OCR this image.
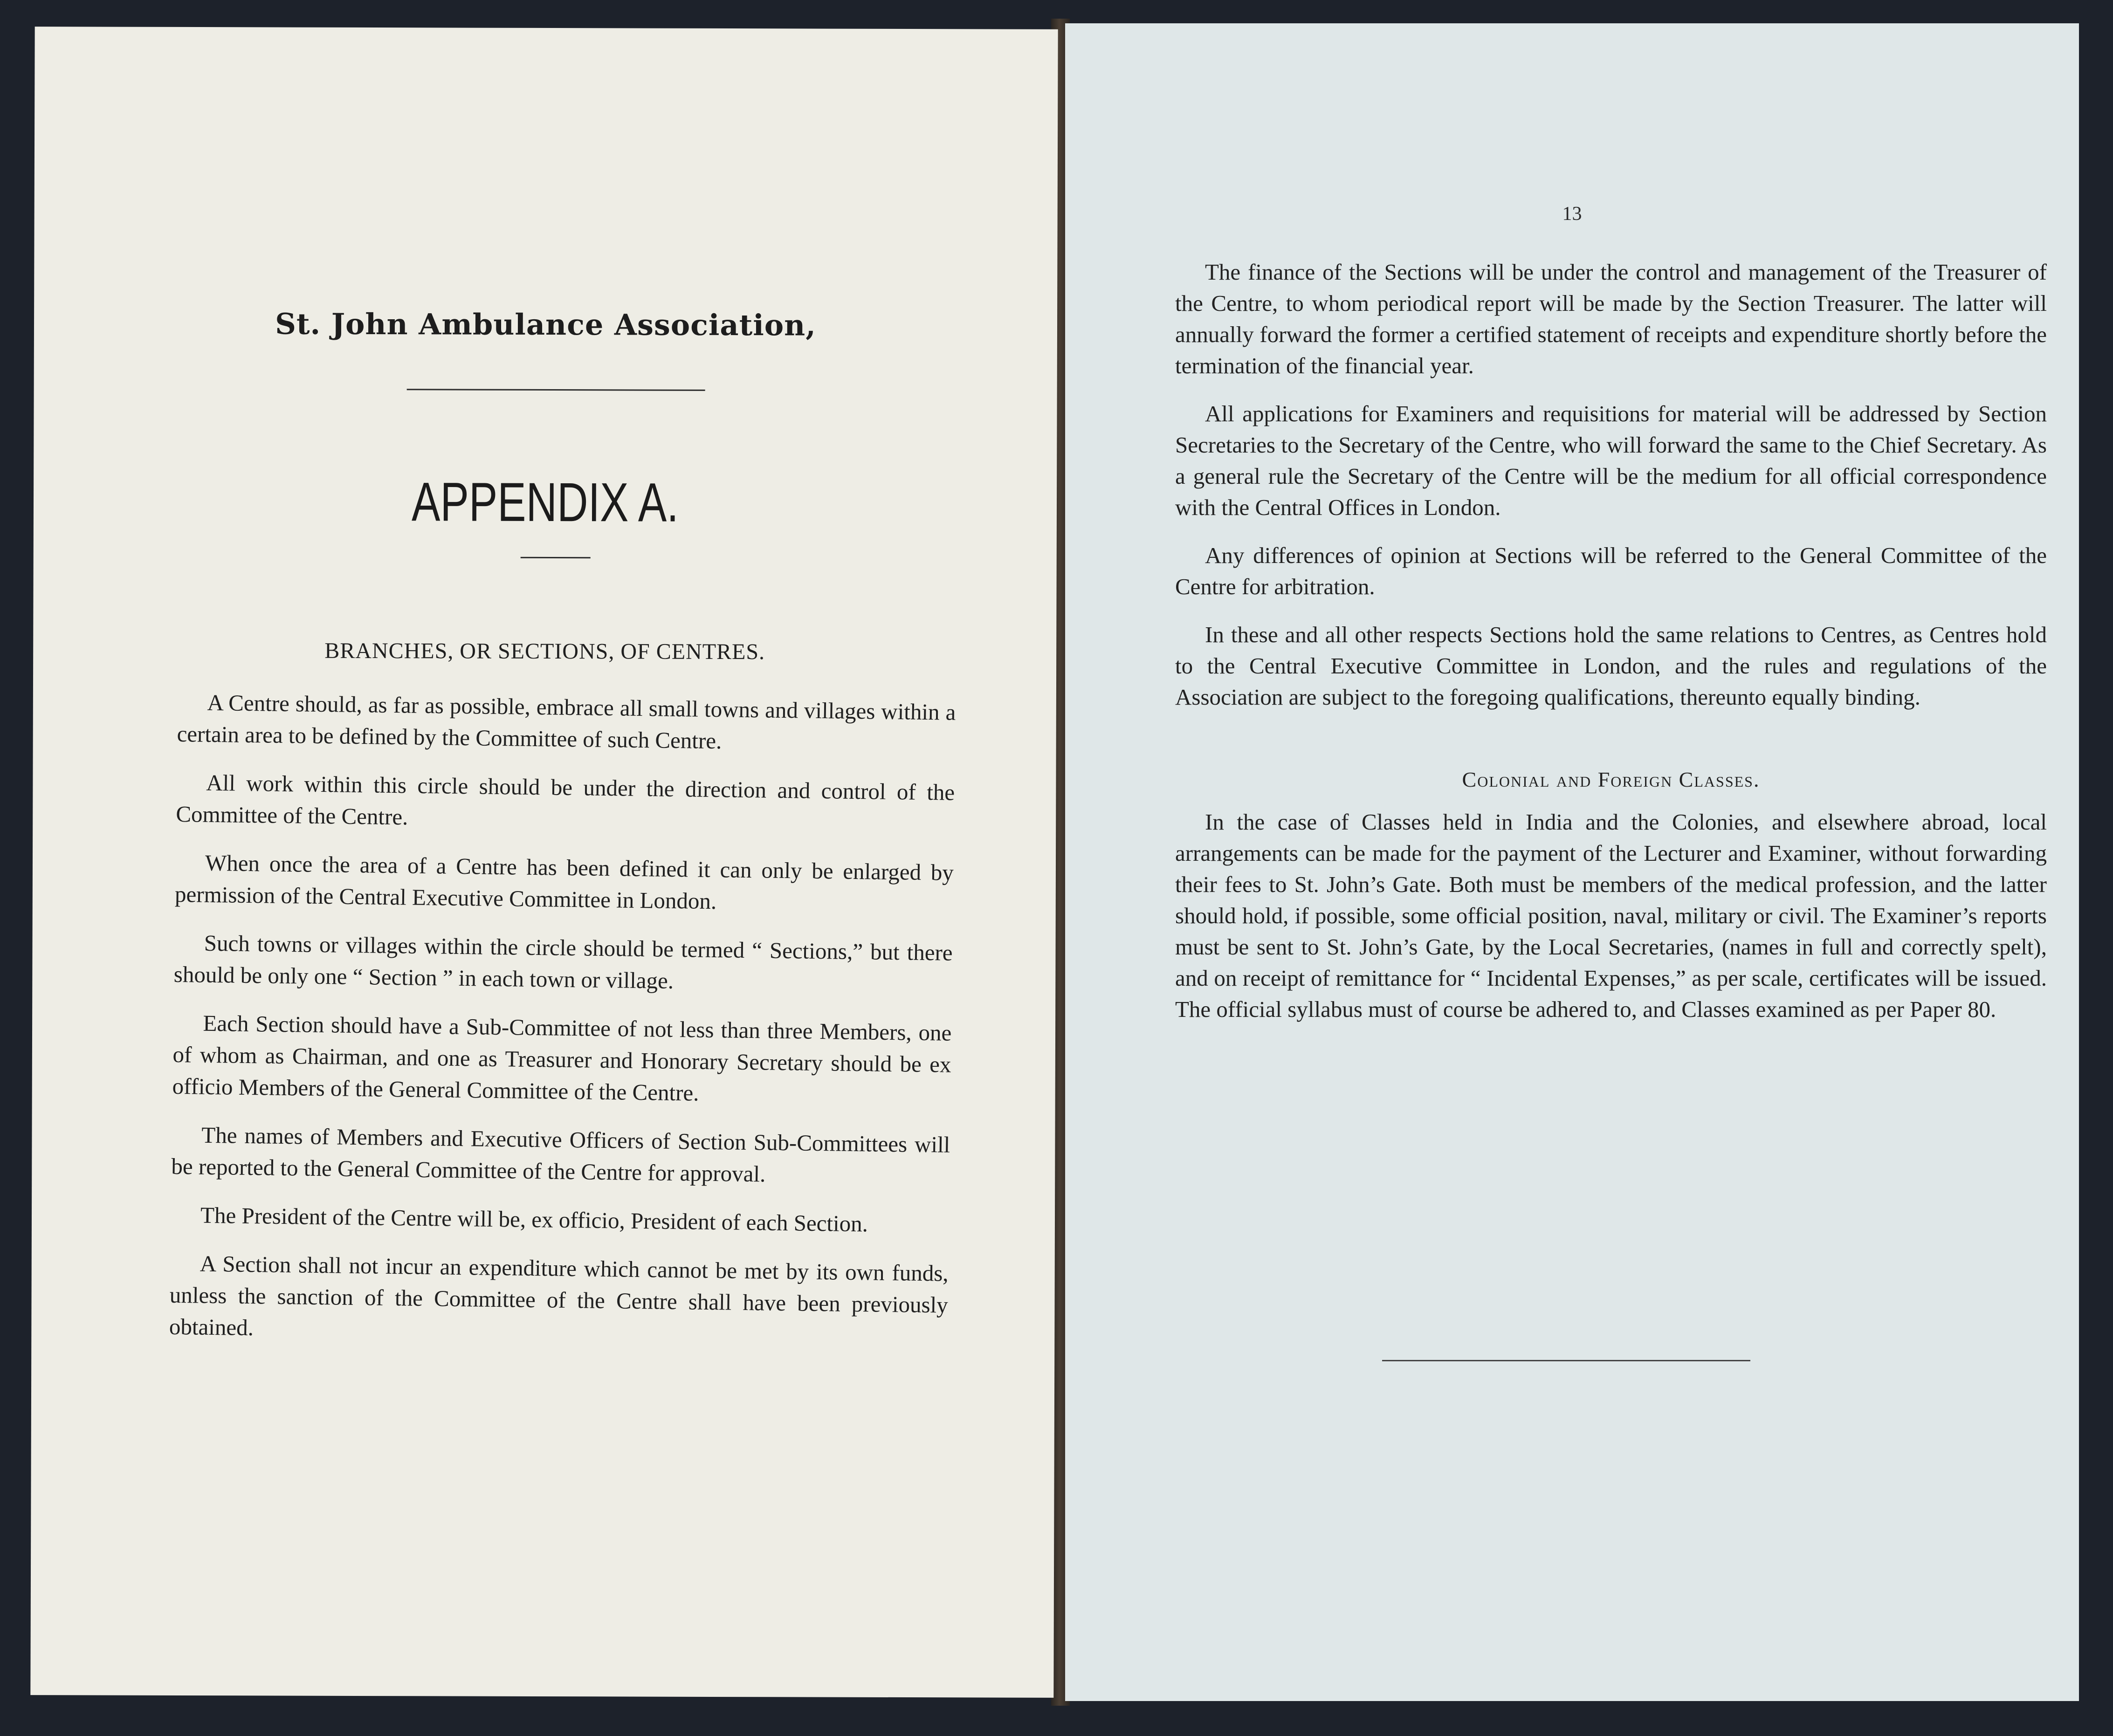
St. John Ambulance Association,
APPENDIX A.
BRANCHES, OR SECTIONS, OF CENTRES.

A Centre should, as far as possible, embrace all small towns and villages within a certain area to be defined by the Committee of such Centre.

All work within this circle should be under the direction and control of the Committee of the Centre.

When once the area of a Centre has been defined it can only be enlarged by permission of the Central Executive Committee in London.

Such towns or villages within the circle should be termed “ Sections,” but there should be only one “ Section ” in each town or village.

Each Section should have a Sub-Committee of not less than three Members, one of whom as Chairman, and one as Treasurer and Honorary Secretary should be ex officio Members of the General Committee of the Centre.

The names of Members and Executive Officers of Section Sub-Committees will be reported to the General Committee of the Centre for approval.

The President of the Centre will be, ex officio, President of each Section.

A Section shall not incur an expenditure which cannot be met by its own funds, unless the sanction of the Committee of the Centre shall have been previously obtained.

13

The finance of the Sections will be under the control and management of the Treasurer of the Centre, to whom periodical report will be made by the Section Treasurer. The latter will annually forward the former a certified statement of receipts and expenditure shortly before the termination of the financial year.

All applications for Examiners and requisitions for material will be addressed by Section Secretaries to the Secretary of the Centre, who will forward the same to the Chief Secretary. As a general rule the Secretary of the Centre will be the medium for all official correspondence with the Central Offices in London.

Any differences of opinion at Sections will be referred to the General Committee of the Centre for arbitration.

In these and all other respects Sections hold the same relations to Centres, as Centres hold to the Central Executive Committee in London, and the rules and regulations of the Association are subject to the foregoing qualifications, thereunto equally binding.

Colonial and Foreign Classes.

In the case of Classes held in India and the Colonies, and elsewhere abroad, local arrangements can be made for the payment of the Lecturer and Examiner, without forwarding their fees to St. John’s Gate. Both must be members of the medical profession, and the latter should hold, if possible, some official position, naval, military or civil. The Examiner’s reports must be sent to St. John’s Gate, by the Local Secretaries, (names in full and correctly spelt), and on receipt of remittance for “ Incidental Expenses,” as per scale, certificates will be issued. The official syllabus must of course be adhered to, and Classes examined as per Paper 80.
